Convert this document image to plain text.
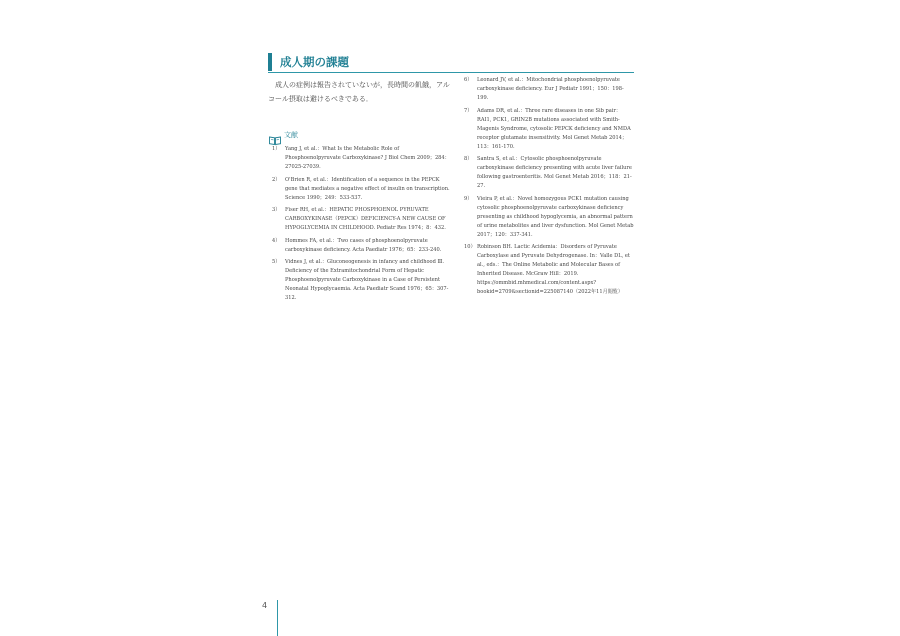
成人期の課題
成人の症例は報告されていないが，長時間の飢餓，アルコール摂取は避けるべきである．
文献
1） Yang J, et al.：What Is the Metabolic Role of Phosphoenolpyruvate Carboxykinase? J Biol Chem 2009；284：27025-27039.
2） O'Brien R, et al.：Identification of a sequence in the PEPCK gene that mediates a negative effect of insulin on transcription. Science 1990；249：533-537.
3） Fiser RH, et al.：HEPATIC PHOSPHOENOL PYRUVATE CARBOXYKINASE（PEPCK）DEFICIENCY-A NEW CAUSE OF HYPOGLYCEMIA IN CHILDHOOD. Pediatr Res 1974；8：432.
4） Hommes FA, et al.：Two cases of phosphoenolpyruvate carboxykinase deficiency. Acta Paediatr 1976；65：233-240.
5） Vidnes J, et al.：Gluconeogenesis in infancy and childhood Ⅲ. Deficiency of the Extramitochondrial Form of Hepatic Phosphoenolpyruvate Carboxykinase in a Case of Persistent Neonatal Hypoglycaemia. Acta Paediatr Scand 1976；65：307-312.
6） Leonard JV, et al.：Mitochondrial phosphoenolpyruvate carboxykinase deficiency. Eur J Pediatr 1991；150：198-199.
7） Adams DR, et al.：Three rare diseases in one Sib pair：RAI1, PCK1, GRIN2B mutations associated with Smith-Magenis Syndrome, cytosolic PEPCK deficiency and NMDA receptor glutamate insensitivity. Mol Genet Metab 2014；113：161-170.
8） Santra S, et al.：Cytosolic phosphoenolpyruvate carboxykinase deficiency presenting with acute liver failure following gastroenteritis. Mol Genet Metab 2016；118：21-27.
9） Vieira P, et al.：Novel homozygous PCK1 mutation causing cytosolic phosphoenolpyruvate carboxykinase deficiency presenting as childhood hypoglycemia, an abnormal pattern of urine metabolites and liver dysfunction. Mol Genet Metab 2017；120：337-341.
10） Robinson BH. Lactic Acidemia：Disorders of Pyruvate Carboxylase and Pyruvate Dehydrogenase. In：Valle DL, et al., eds.：The Online Metabolic and Molecular Bases of Inherited Disease. McGraw Hill：2019. https://ommbid.mhmedical.com/content.aspx?bookid=2709&sectionid=225087140（2022年11月閲覧）
4
